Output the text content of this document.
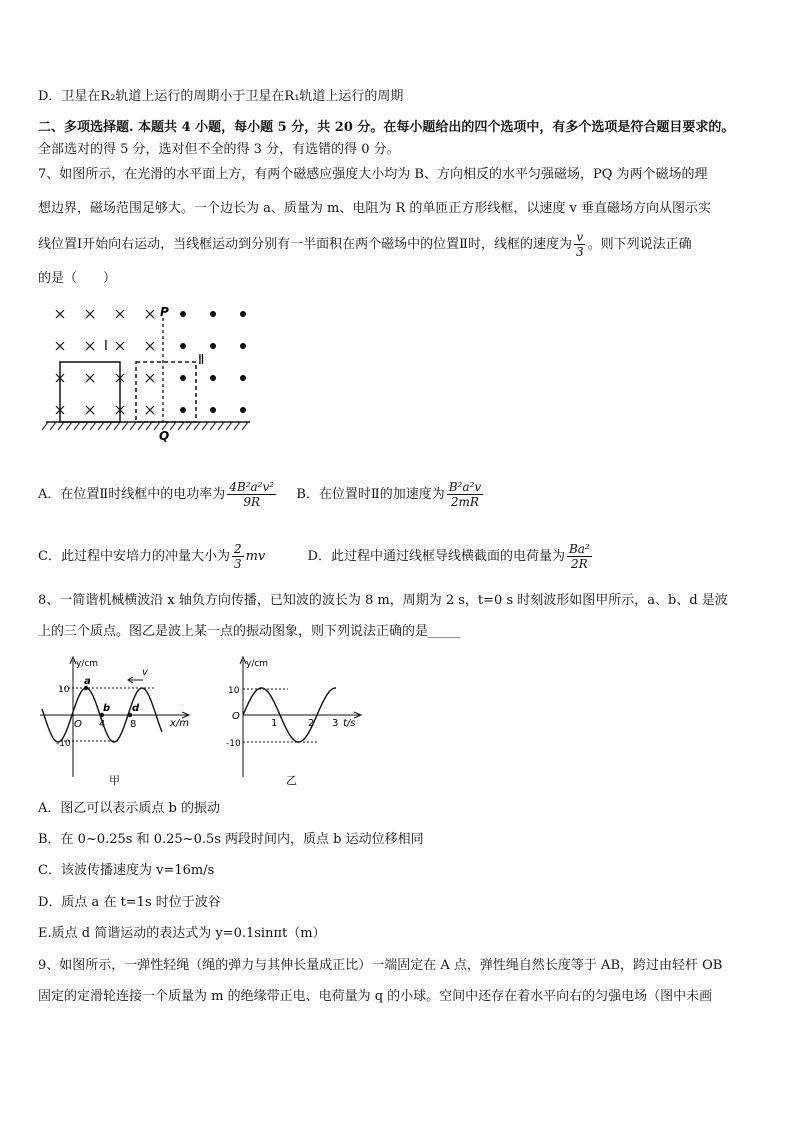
D．卫星在R₂轨道上运行的周期小于卫星在R₁轨道上运行的周期
二、多项选择题. 本题共 4 小题，每小题 5 分，共 20 分。在每小题给出的四个选项中，有多个选项是符合题目要求的。
全部选对的得 5 分，选对但不全的得 3 分，有选错的得 0 分。
7、如图所示，在光滑的水平面上方，有两个磁感应强度大小均为 B、方向相反的水平匀强磁场，PQ 为两个磁场的理
想边界，磁场范围足够大。一个边长为 a、质量为 m、电阻为 R 的单匝正方形线框，以速度 v 垂直磁场方向从图示实
线位置Ⅰ开始向右运动，当线框运动到分别有一半面积在两个磁场中的位置Ⅱ时，线框的速度为 $\frac{v}{3}$ 。则下列说法正确
的是（　　）
P
Q
Ⅰ
Ⅱ
A．在位置Ⅱ时线框中的电功率为 $\frac{\text{4B²a²v²}}{9R}$ B．在位置时Ⅱ的加速度为 $\frac{\text{B²a²v}}{2mR}$
C．此过程中安培力的冲量大小为 $\frac{2}{3}$ mv	D．此过程中通过线框导线横截面的电荷量为 $\frac{\text{Ba²}}{2R}$
8、一简谐机械横波沿 x 轴负方向传播，已知波的波长为 8 m，周期为 2 s，t=0 s 时刻波形如图甲所示，a、b、d 是波
上的三个质点。图乙是波上某一点的振动图象，则下列说法正确的是_____
y/cm
x/m
v
10
-10
O 4 8
a
b d
甲
y/cm
t/s
10
-10
O
1	2 3
乙
A．图乙可以表示质点 b 的振动
B．在 0~0.25s 和 0.25~0.5s 两段时间内，质点 b 运动位移相同
C．该波传播速度为 v=16m/s
D．质点 a 在 t=1s 时位于波谷
E.质点 d 简谐运动的表达式为 y=0.1sinπt（m）
9、如图所示，一弹性轻绳（绳的弹力与其伸长量成正比）一端固定在 A 点，弹性绳自然长度等于 AB，跨过由轻杆 OB
固定的定滑轮连接一个质量为 m 的绝缘带正电、电荷量为 q 的小球。空间中还存在着水平向右的匀强电场（图中未画
